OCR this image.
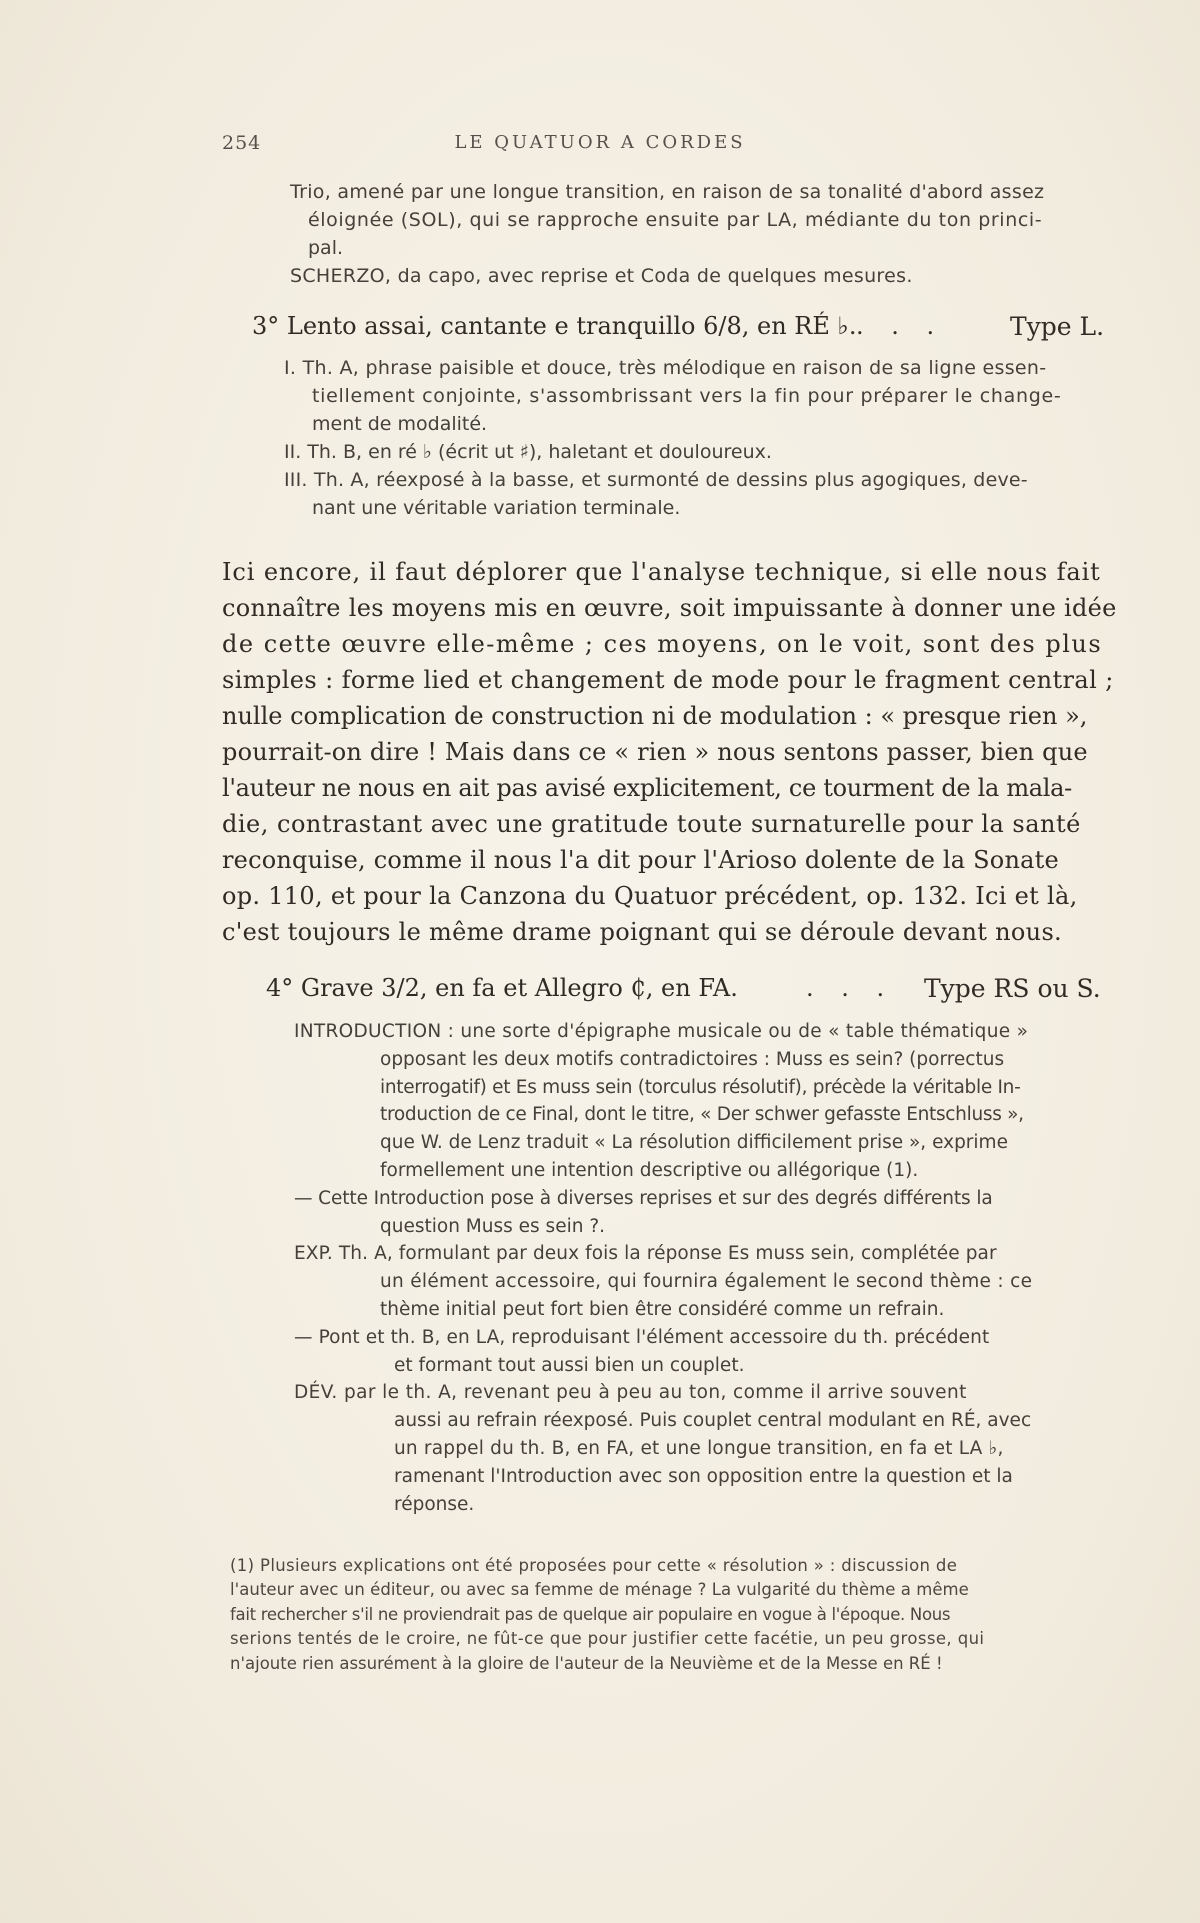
254	LE QUATUOR A CORDES
Trio, amené par une longue transition, en raison de sa tonalité d'abord assez
éloignée (SOL), qui se rapproche ensuite par LA, médiante du ton princi-
pal.
SCHERZO, da capo, avec reprise et Coda de quelques mesures.
3° Lento assai, cantante e tranquillo 6/8, en RÉ ♭. . . .	Type L.
I. Th. A, phrase paisible et douce, très mélodique en raison de sa ligne essen-
tiellement conjointe, s'assombrissant vers la fin pour préparer le change-
ment de modalité.
II. Th. B, en ré ♭ (écrit ut ♯), haletant et douloureux.
III. Th. A, réexposé à la basse, et surmonté de dessins plus agogiques, deve-
nant une véritable variation terminale.
Ici encore, il faut déplorer que l'analyse technique, si elle nous fait
connaître les moyens mis en œuvre, soit impuissante à donner une idée
de cette œuvre elle-même ; ces moyens, on le voit, sont des plus
simples : forme lied et changement de mode pour le fragment central ;
nulle complication de construction ni de modulation : « presque rien »,
pourrait-on dire ! Mais dans ce « rien » nous sentons passer, bien que
l'auteur ne nous en ait pas avisé explicitement, ce tourment de la mala-
die, contrastant avec une gratitude toute surnaturelle pour la santé
reconquise, comme il nous l'a dit pour l'Arioso dolente de la Sonate
op. 110, et pour la Canzona du Quatuor précédent, op. 132. Ici et là,
c'est toujours le même drame poignant qui se déroule devant nous.
4° Grave 3/2, en fa et Allegro ₵, en FA.	. . . Type RS ou S.
INTRODUCTION : une sorte d'épigraphe musicale ou de « table thématique »
opposant les deux motifs contradictoires : Muss es sein? (porrectus
interrogatif) et Es muss sein (torculus résolutif), précède la véritable In-
troduction de ce Final, dont le titre, « Der schwer gefasste Entschluss »,
que W. de Lenz traduit « La résolution difficilement prise », exprime
formellement une intention descriptive ou allégorique (1).
— Cette Introduction pose à diverses reprises et sur des degrés différents la
question Muss es sein ?.
EXP. Th. A, formulant par deux fois la réponse Es muss sein, complétée par
un élément accessoire, qui fournira également le second thème : ce
thème initial peut fort bien être considéré comme un refrain.
— Pont et th. B, en LA, reproduisant l'élément accessoire du th. précédent
et formant tout aussi bien un couplet.
DÉV. par le th. A, revenant peu à peu au ton, comme il arrive souvent
aussi au refrain réexposé. Puis couplet central modulant en RÉ, avec
un rappel du th. B, en FA, et une longue transition, en fa et LA ♭,
ramenant l'Introduction avec son opposition entre la question et la
réponse.
(1) Plusieurs explications ont été proposées pour cette « résolution » : discussion de
l'auteur avec un éditeur, ou avec sa femme de ménage ? La vulgarité du thème a même
fait rechercher s'il ne proviendrait pas de quelque air populaire en vogue à l'époque. Nous
serions tentés de le croire, ne fût-ce que pour justifier cette facétie, un peu grosse, qui
n'ajoute rien assurément à la gloire de l'auteur de la Neuvième et de la Messe en RÉ !
